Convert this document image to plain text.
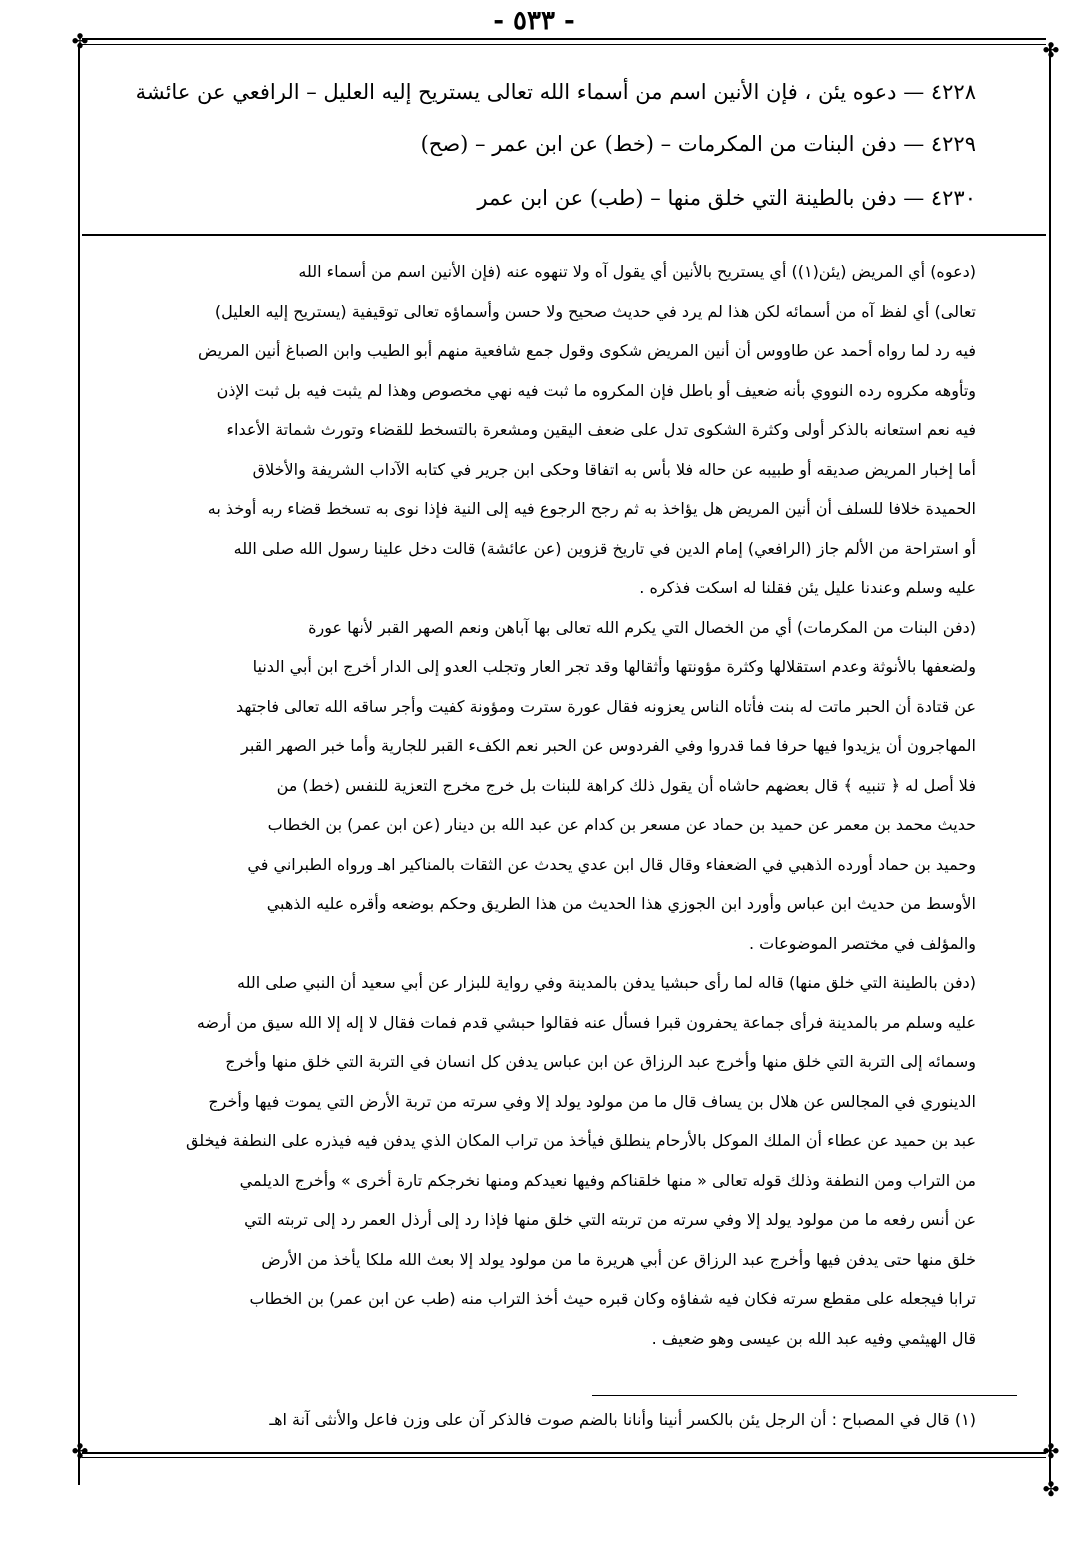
- ٥٣٣ -
✤	✤
✤	✤
✤
٤٢٢٨ — دعوه يئن ، فإن الأنين اسم من أسماء الله تعالى يستريح إليه العليل – الرافعي عن عائشة
٤٢٢٩ — دفن البنات من المكرمات – (خط) عن ابن عمر – (صح)
٤٢٣٠ — دفن بالطينة التي خلق منها – (طب) عن ابن عمر
(دعوه) أي المريض (يئن(١)) أي يستريح بالأنين أي يقول آه ولا تنهوه عنه (فإن الأنين اسم من أسماء الله
تعالى) أي لفظ آه من أسمائه لكن هذا لم يرد في حديث صحيح ولا حسن وأسماؤه تعالى توقيفية (يستريح إليه العليل)
فيه رد لما رواه أحمد عن طاووس أن أنين المريض شكوى وقول جمع شافعية منهم أبو الطيب وابن الصباغ أنين المريض
وتأوهه مكروه رده النووي بأنه ضعيف أو باطل فإن المكروه ما ثبت فيه نهي مخصوص وهذا لم يثبت فيه بل ثبت الإذن
فيه نعم استعانه بالذكر أولى وكثرة الشكوى تدل على ضعف اليقين ومشعرة بالتسخط للقضاء وتورث شماتة الأعداء
أما إخبار المريض صديقه أو طبيبه عن حاله فلا بأس به اتفاقا وحكى ابن جرير في كتابه الآداب الشريفة والأخلاق
الحميدة خلافا للسلف أن أنين المريض هل يؤاخذ به ثم رجح الرجوع فيه إلى النية فإذا نوى به تسخط قضاء ربه أوخذ به
أو استراحة من الألم جاز (الرافعي) إمام الدين في تاريخ قزوين (عن عائشة) قالت دخل علينا رسول الله صلى الله
عليه وسلم وعندنا عليل يئن فقلنا له اسكت فذكره .
(دفن البنات من المكرمات) أي من الخصال التي يكرم الله تعالى بها آباهن ونعم الصهر القبر لأنها عورة
ولضعفها بالأنوثة وعدم استقلالها وكثرة مؤونتها وأثقالها وقد تجر العار وتجلب العدو إلى الدار أخرج ابن أبي الدنيا
عن قتادة أن الحبر ماتت له بنت فأتاه الناس يعزونه فقال عورة سترت ومؤونة كفيت وأجر ساقه الله تعالى فاجتهد
المهاجرون أن يزيدوا فيها حرفا فما قدروا وفي الفردوس عن الحبر نعم الكفء القبر للجارية وأما خبر الصهر القبر
فلا أصل له ﴿ تنبيه ﴾ قال بعضهم حاشاه أن يقول ذلك كراهة للبنات بل خرج مخرج التعزية للنفس (خط) من
حديث محمد بن معمر عن حميد بن حماد عن مسعر بن كدام عن عبد الله بن دينار (عن ابن عمر) بن الخطاب
وحميد بن حماد أورده الذهبي في الضعفاء وقال قال ابن عدي يحدث عن الثقات بالمناكير اهـ ورواه الطبراني في
الأوسط من حديث ابن عباس وأورد ابن الجوزي هذا الحديث من هذا الطريق وحكم بوضعه وأقره عليه الذهبي
والمؤلف في مختصر الموضوعات .
(دفن بالطينة التي خلق منها) قاله لما رأى حبشيا يدفن بالمدينة وفي رواية للبزار عن أبي سعيد أن النبي صلى الله
عليه وسلم مر بالمدينة فرأى جماعة يحفرون قبرا فسأل عنه فقالوا حبشي قدم فمات فقال لا إله إلا الله سيق من أرضه
وسمائه إلى التربة التي خلق منها وأخرج عبد الرزاق عن ابن عباس يدفن كل انسان في التربة التي خلق منها وأخرج
الدينوري في المجالس عن هلال بن يساف قال ما من مولود يولد إلا وفي سرته من تربة الأرض التي يموت فيها وأخرج
عبد بن حميد عن عطاء أن الملك الموكل بالأرحام ينطلق فيأخذ من تراب المكان الذي يدفن فيه فيذره على النطفة فيخلق
من التراب ومن النطفة وذلك قوله تعالى « منها خلقناكم وفيها نعيدكم ومنها نخرجكم تارة أخرى » وأخرج الديلمي
عن أنس رفعه ما من مولود يولد إلا وفي سرته من تربته التي خلق منها فإذا رد إلى أرذل العمر رد إلى تربته التي
خلق منها حتى يدفن فيها وأخرج عبد الرزاق عن أبي هريرة ما من مولود يولد إلا بعث الله ملكا يأخذ من الأرض
ترابا فيجعله على مقطع سرته فكان فيه شفاؤه وكان قبره حيث أخذ التراب منه (طب عن ابن عمر) بن الخطاب
قال الهيثمي وفيه عبد الله بن عيسى وهو ضعيف .
(١) قال في المصباح : أن الرجل يئن بالكسر أنينا وأنانا بالضم صوت فالذكر آن على وزن فاعل والأنثى آنة اهـ
